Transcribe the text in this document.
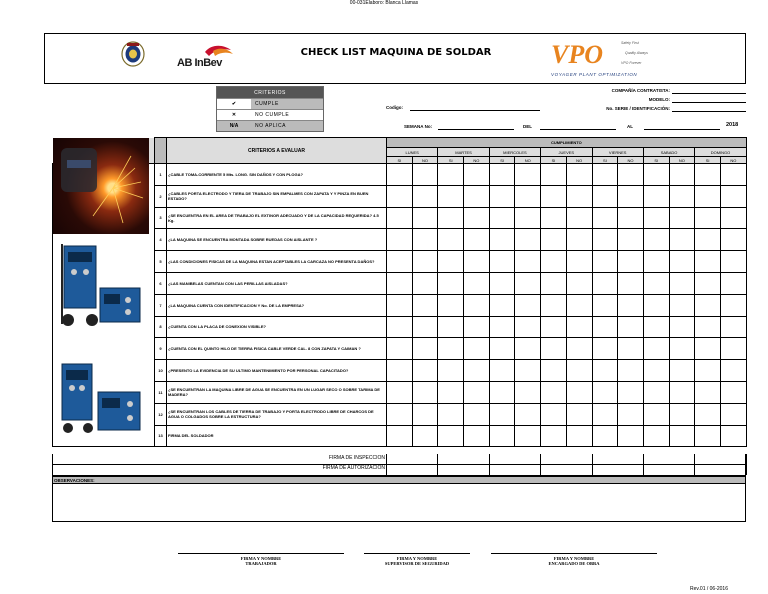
00-031Elaboro: Blanca Llamas
AB InBev
CHECK LIST MAQUINA DE SOLDAR	VPO
VOYAGER PLANT OPTIMIZATION
Safety First
Quality Always
VPO Forever
CRITERIOS
✔	CUMPLE
✕	NO CUMPLE
N/A	NO APLICA
Codigo:
COMPAÑÍA CONTRATISTA:
MODELO:
No. SERIE / IDENTIFICACIÓN:
SEMANA No:	DEL	AL	2018
		CRITERIOS A EVALUAR	CUMPLIMIENTO													
			LUNES		MARTES		MIERCOLES		JUEVES		VIERNES		SABADO		DOMINGO	
			SI	NO	SI	NO	SI	NO	SI	NO	SI	NO	SI	NO	SI	NO
	1	¿CABLE TOMA-CORRIENTE 5 Mts. LONG. SIN DAÑOS Y CON PLOGA?														
	2	¿CABLES PORTA ELECTRODO Y TIERA DE TRABAJO SIN EMPALMES CON ZAPATA Y Y PINZA EN BUEN ESTADO?														
	3	¿SE ENCUENTRA EN EL AREA DE TRABAJO EL EXTINOR ADECUADO Y DE LA CAPACIDAD REQUERIDA? 4.5 Kg.														
	4	¿LA MAQUINA SE ENCUENTRA MONTADA SOBRE RUEDAS CON AISLANTE ?														
	5	¿LAS CONDICIONES FISICAS DE LA MAQUINA ESTAN ACEPTABLES LA CARCAZA NO PRESENTA DAÑOS?														
	6	¿LAS MANIBELAS CUENTAN CON LAS PERILLAS AISLADAS?														
	7	¿LA MAQUINA CUENTA CON IDENTIFICACION Y No. DE LA EMPRESA?														
	8	¿CUENTA CON LA PLACA DE CONEXION VISIBLE?														
	9	¿CUENTA CON EL QUINTO HILO DE TIERRA FISICA CABLE VERDE CAL. 8 CON ZAPATA Y CAIMAN ?														
	10	¿PRESENTO LA EVIDENCIA DE SU ULTIMO MANTENIMIENTO POR PERSONAL CAPACITADO?														
	11	¿SE ENCUENTRAN LA MAQUINA LIBRE DE AGUA SE ENCUENTRA EN UN LUGAR SECO O SOBRE TARIMA DE MADERA?														
	12	¿SE ENCUENTRAN LOS CABLES DE TIERRA DE TRABAJO Y PORTA ELECTRODO LIBRE DE CHARCOS DE AGUA O COLGADOS SOBRE LA ESTRUCTURA?														
	13	FIRMA DEL SOLDADOR														
FIRMA DE INSPECCION
FIRMA DE AUTORIZACION
OBSERVACIONES:
FIRMA Y NOMBRE
TRABAJADOR
FIRMA Y NOMBRE
SUPERVISOR DE SEGURIDAD
FIRMA Y NOMBRE
ENCARGADO DE OBRA
Rev.01 / 06-2016
